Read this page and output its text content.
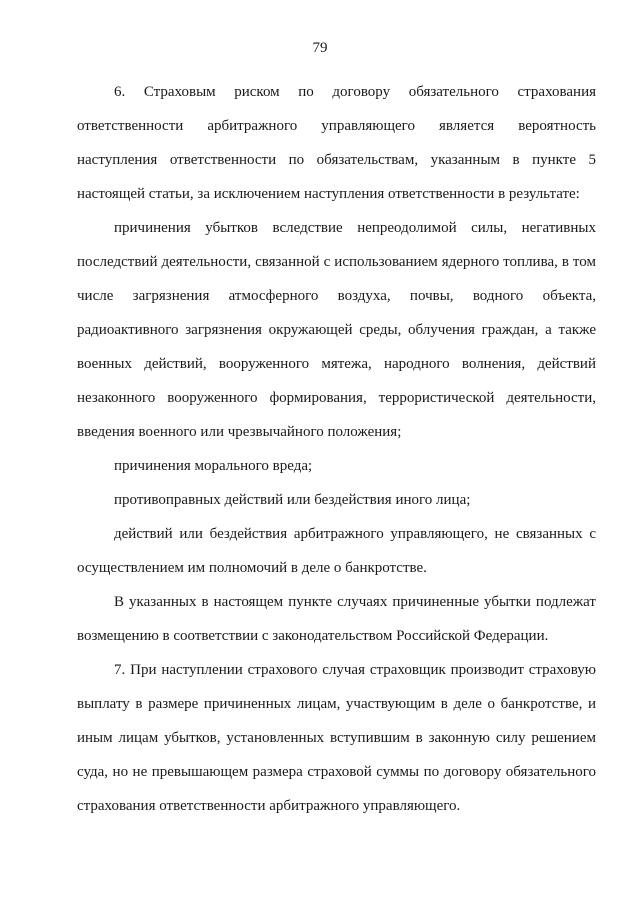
79

6. Страховым риском по договору обязательного страхования ответственности арбитражного управляющего является вероятность наступления ответственности по обязательствам, указанным в пункте 5 настоящей статьи, за исключением наступления ответственности в результате:

причинения убытков вследствие непреодолимой силы, негативных последствий деятельности, связанной с использованием ядерного топлива, в том числе загрязнения атмосферного воздуха, почвы, водного объекта, радиоактивного загрязнения окружающей среды, облучения граждан, а также военных действий, вооруженного мятежа, народного волнения, действий незаконного вооруженного формирования, террористической деятельности, введения военного или чрезвычайного положения;

причинения морального вреда;

противоправных действий или бездействия иного лица;

действий или бездействия арбитражного управляющего, не связанных с осуществлением им полномочий в деле о банкротстве.

В указанных в настоящем пункте случаях причиненные убытки подлежат возмещению в соответствии с законодательством Российской Федерации.

7. При наступлении страхового случая страховщик производит страховую выплату в размере причиненных лицам, участвующим в деле о банкротстве, и иным лицам убытков, установленных вступившим в законную силу решением суда, но не превышающем размера страховой суммы по договору обязательного страхования ответственности арбитражного управляющего.
